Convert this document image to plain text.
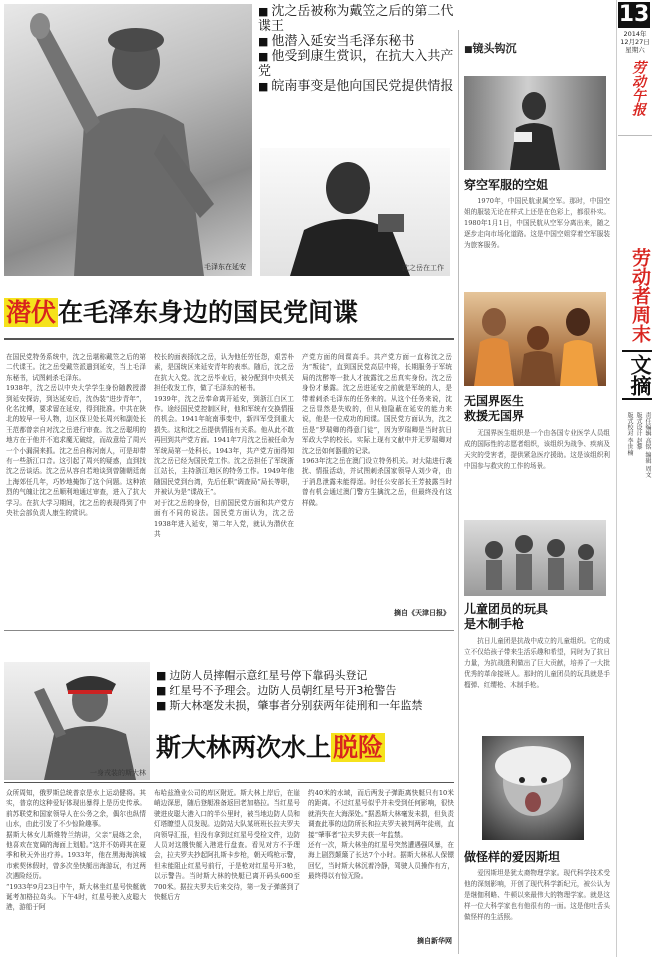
13
2014年
12月27日
星期六
劳动午报
劳动者周末
文摘
责任编辑 高铭 编辑 周文
版式设计 赵黎
版式校对 李世楠
毛泽东在延安
■ 沈之岳被称为戴笠之后的第二代谍王
■ 他潜入延安当毛泽东秘书
■ 他受到康生赏识，在抗大入共产党
■ 皖南事变是他向国民党提供情报
沈之岳在工作
潜伏在毛泽东身边的国民党间谍
在国民党特务系统中，沈之岳堪称戴笠之后的第二代谍王。沈之岳受戴笠派遣到延安，当上毛泽东秘书，试图刺杀毛泽东。
1938年，沈之岳以中央大学学生身份随教授潜到延安探访，到达延安后，沈伪装“进步青年”，化名沈傅，要求留在延安，得到批准。中共在陕北的较早一号人物，边区保卫处长周兴和副处长王范都曾亲自对沈之岳进行审查。沈之岳聪明的地方在于他并不追求魔无破绽，而故意给了周兴一个小漏洞来抓。沈之岳自称河南人，可是却带有一些浙江口音。这引起了周兴的疑惑，直到找沈之岳谈话。沈之岳从容自若地谈到曾随朝廷南上海郊任几年，巧妙地掩饰了这个问题。这种浓烈的气魄让沈之岳顺利地通过审查，进入了抗大学习。在抗大学习期间，沈之岳的表现得到了中央社会部负责人康生的赏识。
校长的面表扬沈之岳，认为他任劳任怨，艰苦朴素，是国统区来延安青年的表率。随后，沈之岳在抗大入党。沈之岳毕业后，被分配到中央机关担任收发工作，做了毛泽东的秘书。
1939年，沈之岳奉命离开延安，到浙江白区工作。途经国民党控制区时，他和军统有交换情报的机会。1941年皖南事变中，新四军受到重大损失。这和沈之岳提供情报有关系。他从此不敢再回到共产党方面。1941年7月沈之岳被任命为军统局第一处科长。1943年，共产党方面得知沈之岳已经为国民党工作。沈之岳担任了军统浙江站长，主持浙江地区的特务工作。1949年他随国民党到台湾，先后任职“调查局”局长等职，并被认为是“谍战王”。
对于沈之岳的身份，目前国民党方面和共产党方面有不同的说法。国民党方面认为，沈之岳1938年进入延安，第二年入党，就认为潜伏在共
产党方面的间谍高手。共产党方面一直称沈之岳为“叛徒”，直到国民党高层中将，长期服务于军统局的沈醉等一批人才披露沈之岳真实身份。沈之岳身份才暴露。沈之岳进延安之前就是军统的人，是带着刺杀毛泽东的任务来的。从这个任务来说，沈之岳显然是失败的，但从他隐蔽在延安的能力来说，他是一位成功的间谍。国民党方面认为，沈之岳是“罗瑞卿的得意门徒”，因为罗瑞卿是当时抗日军政大学的校长。实际上现有文献中并无罗瑞卿对沈之岳如何器重的记录。
1963年沈之岳在澳门设立特务机关。对大陆进行袭扰、情报活动，并试图刺杀国家领导人刘少奇，由于消息泄露未能得逞。时任公安部长王芳披露当时曾有机会通过澳门警方生擒沈之岳，但最终没有这样做。
摘自《天津日报》
一身戎装的斯大林
■ 边防人员摔帽示意红星号停下靠码头登记
■ 红星号不予理会。边防人员朝红星号开3枪警告
■ 斯大林毫发未损，肇事者分别获两年徒刑和一年监禁
斯大林两次水上脱险
众所周知，俄罗斯总统普京是水上运动健将。其实，普京的这种爱好体现出暴得上是历史传承。前苏联党和国家领导人在公务之余，偶尔也纵情山水，由此引发了不少惊险趣事。
据斯大林女儿斯维特兰纳讲，父亲“晨练之余，他喜欢在宽阔的海面上划船。”这并不妨碍其在夏季和秋天外出疗养。1933年，他在黑海海滨城市索契休假时，曾多次坐快艇出海游玩，有过两次遇险经历。
“1933年9月23日中午，斯大林坐红星号快艇就诞考加格拉岛头。下午4时，红星号驶入皮聪大港，游船于阿
布哈兹渔业公司的库区附近。斯大林上岸后，在崖峭边深思，随后登艇准备返回老加格拉。当红星号驶进皮聪大港入口的半公里时，被当地边防人员和灯塔瞭望人员发现。边防站大队某班班长拉夫罗夫向领导汇报，但没有拿到过红星号受检文件，边防人员对这艘快艇入港进行盘查。看见对方不予理会，拉夫罗夫抄起阿扎斯卡步枪，朝天鸣枪示警，但未能阻止红星号前行，于是枪对红星号开3枪，以示警告。当时斯大林的快艇已离开码头600至700米。据拉夫罗夫后来交待，第一发子弹落到了快艇后方
约40米的水域，而后两发子弹距离快艇只有10米的距离。不过红星号似乎并未受到任何影响，很快就消失在大海深处。”据悉斯大林毫发未损，但负责调查此事的边防所长和拉夫罗夫被判两年徒刑，直接“肇事者”拉夫罗夫获一年监禁。
还有一次，斯大林坐的红星号突然遭遇强风暴，在海上剧烈颠簸了长达7个小时。据斯大林私人保镖回忆，当时斯大林沉着冷静，驾驶人员操作有方，最终得以有惊无险。
摘自新华网
■镜头钩沉
穿空军服的空姐
1970年，中国民航隶属空军。那时，中国空姐的服装无论在样式上还是在色彩上，都很朴实。1980年1月1日，中国民航从空军分离出来，随之逐步走向市场化道路。这是中国空姐穿着空军服装为旅客服务。
无国界医生
救援无国界
无国界医生组织是一个由各国专业医学人员组成的国际性的志愿者组织，该组织为战争、疾病及天灾的受害者，提供紧急医疗援助。这是该组织利中国参与救灾的工作的场景。
儿童团员的玩具
是木制手枪
抗日儿童团是抗战中成立的儿童组织。它的成立不仅给孩子带来生活乐趣和希望，同时为了抗日力量，为抗战胜利做出了巨大贡献，培养了一大批优秀的革命接班人。那时的儿童团员的玩具就是手榴弹、红缨枪、木制手枪。
做怪样的爱因斯坦
爱因斯坦是犹太裔物理学家。现代科学技术受他的深刻影响，开创了现代科学新纪元，被公认为是继伽利略、牛顿以来最伟大的物理学家。就是这样一位大科学家也有他很有的一面。这是他吐舌头做怪样的生活照。
